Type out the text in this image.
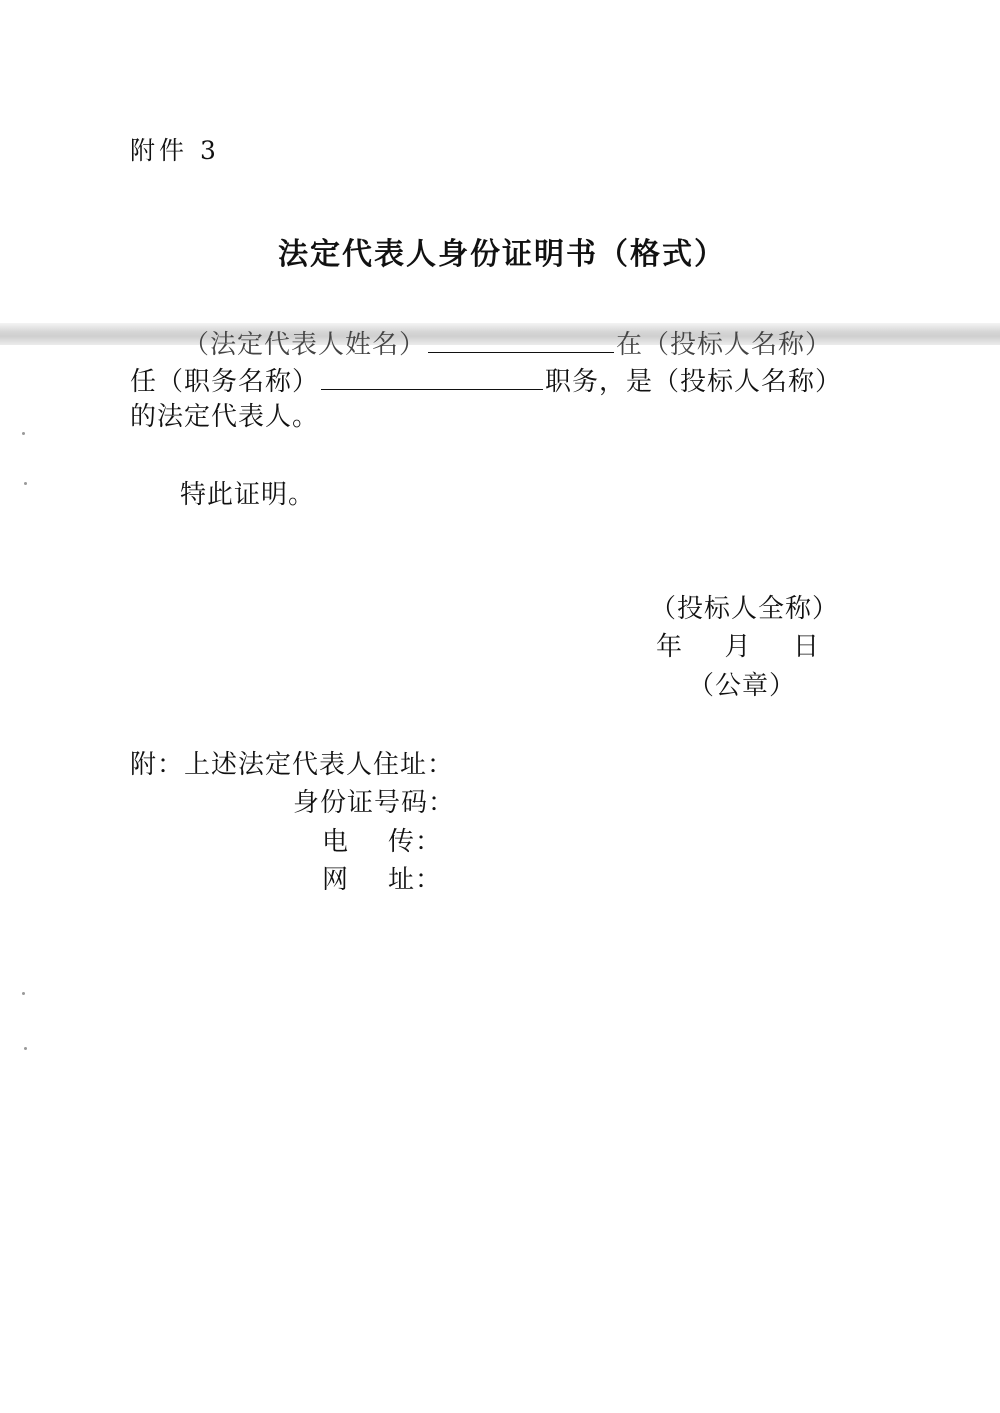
附件 3
法定代表人身份证明书（格式）
（法定代表人姓名）	在（投标人名称）
任（职务名称）	职务，是（投标人名称）
的法定代表人。
特此证明。
（投标人全称）
年 月 日
（公章）
附：上述法定代表人住址：
身份证号码：
电 传：
网 址：
